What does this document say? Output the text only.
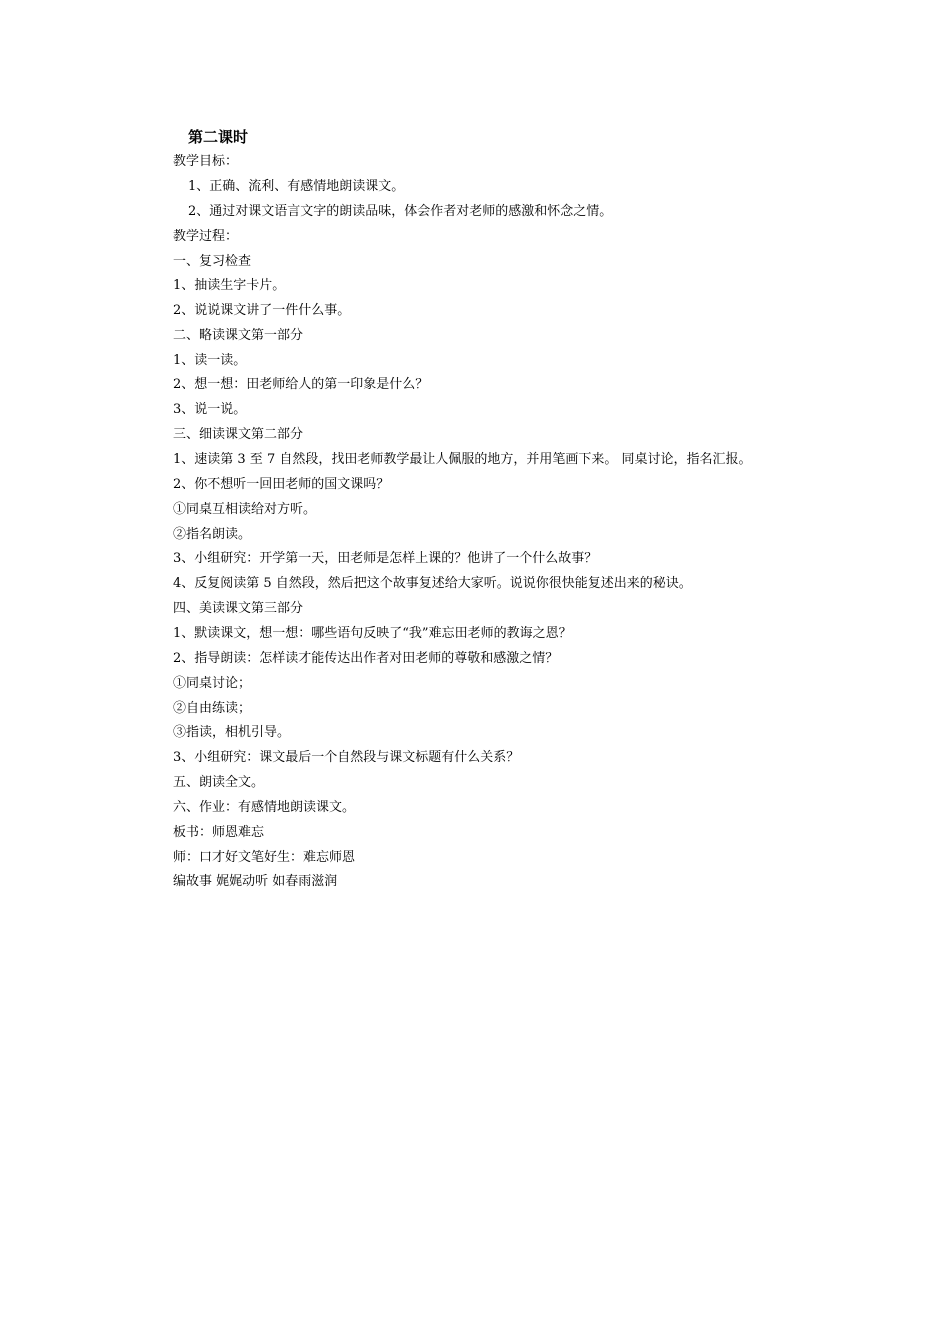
第二课时
教学目标：
1、正确、流利、有感情地朗读课文。
2、通过对课文语言文字的朗读品味，体会作者对老师的感激和怀念之情。
教学过程：
一、复习检查
1、抽读生字卡片。
2、说说课文讲了一件什么事。
二、略读课文第一部分
1、读一读。
2、想一想：田老师给人的第一印象是什么？
3、说一说。
三、细读课文第二部分
1、速读第 3 至 7 自然段，找田老师教学最让人佩服的地方，并用笔画下来。 同桌讨论，指名汇报。
2、你不想听一回田老师的国文课吗？
①同桌互相读给对方听。
②指名朗读。
3、小组研究：开学第一天，田老师是怎样上课的？他讲了一个什么故事？
4、反复阅读第 5 自然段，然后把这个故事复述给大家听。说说你很快能复述出来的秘诀。
四、美读课文第三部分
1、默读课文，想一想：哪些语句反映了“我”难忘田老师的教诲之恩？
2、指导朗读：怎样读才能传达出作者对田老师的尊敬和感激之情？
①同桌讨论；
②自由练读；
③指读，相机引导。
3、小组研究：课文最后一个自然段与课文标题有什么关系？
五、朗读全文。
六、作业：有感情地朗读课文。
板书：师恩难忘
师：口才好文笔好生：难忘师恩
编故事 娓娓动听 如春雨滋润
